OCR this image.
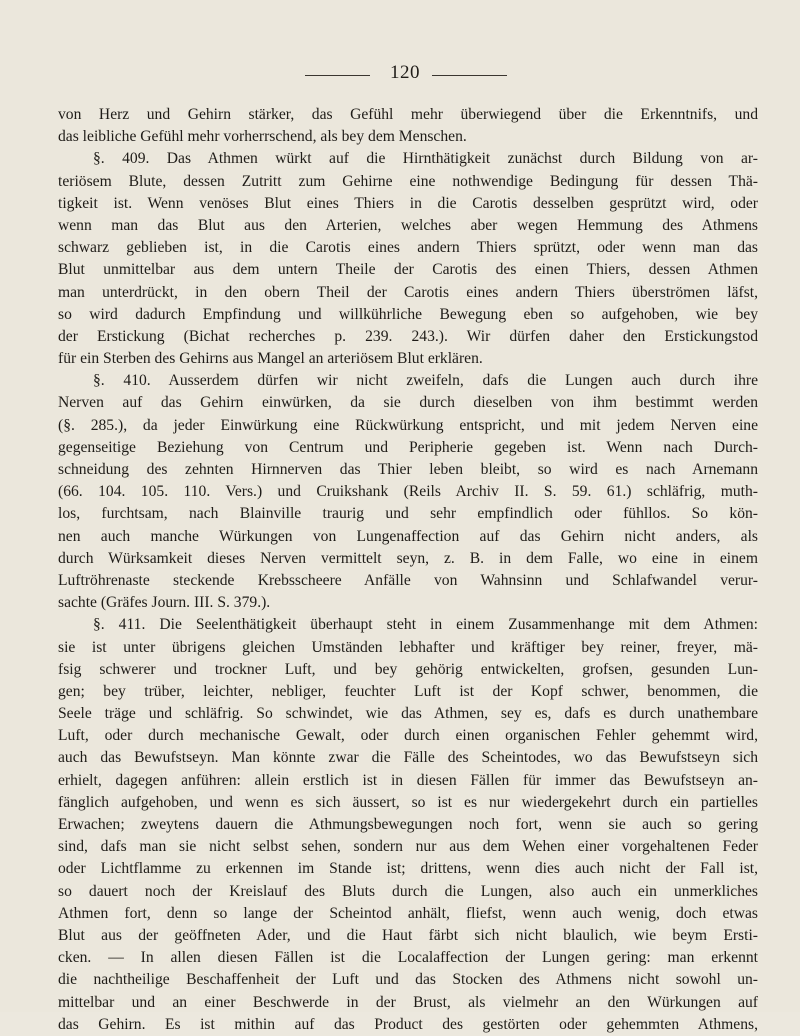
120
von Herz und Gehirn stärker, das Gefühl mehr überwiegend über die Erkenntnifs, und
das leibliche Gefühl mehr vorherrschend, als bey dem Menschen.
§. 409. Das Athmen würkt auf die Hirnthätigkeit zunächst durch Bildung von ar-
teriösem Blute, dessen Zutritt zum Gehirne eine nothwendige Bedingung für dessen Thä-
tigkeit ist. Wenn venöses Blut eines Thiers in die Carotis desselben gesprützt wird, oder
wenn man das Blut aus den Arterien, welches aber wegen Hemmung des Athmens
schwarz geblieben ist, in die Carotis eines andern Thiers sprützt, oder wenn man das
Blut unmittelbar aus dem untern Theile der Carotis des einen Thiers, dessen Athmen
man unterdrückt, in den obern Theil der Carotis eines andern Thiers überströmen läfst,
so wird dadurch Empfindung und willkührliche Bewegung eben so aufgehoben, wie bey
der Erstickung (Bichat recherches p. 239. 243.). Wir dürfen daher den Erstickungstod
für ein Sterben des Gehirns aus Mangel an arteriösem Blut erklären.
§. 410. Ausserdem dürfen wir nicht zweifeln, dafs die Lungen auch durch ihre
Nerven auf das Gehirn einwürken, da sie durch dieselben von ihm bestimmt werden
(§. 285.), da jeder Einwürkung eine Rückwürkung entspricht, und mit jedem Nerven eine
gegenseitige Beziehung von Centrum und Peripherie gegeben ist. Wenn nach Durch-
schneidung des zehnten Hirnnerven das Thier leben bleibt, so wird es nach Arnemann
(66. 104. 105. 110. Vers.) und Cruikshank (Reils Archiv II. S. 59. 61.) schläfrig, muth-
los, furchtsam, nach Blainville traurig und sehr empfindlich oder fühllos. So kön-
nen auch manche Würkungen von Lungenaffection auf das Gehirn nicht anders, als
durch Würksamkeit dieses Nerven vermittelt seyn, z. B. in dem Falle, wo eine in einem
Luftröhrenaste steckende Krebsscheere Anfälle von Wahnsinn und Schlafwandel verur-
sachte (Gräfes Journ. III. S. 379.).
§. 411. Die Seelenthätigkeit überhaupt steht in einem Zusammenhange mit dem Athmen:
sie ist unter übrigens gleichen Umständen lebhafter und kräftiger bey reiner, freyer, mä-
fsig schwerer und trockner Luft, und bey gehörig entwickelten, grofsen, gesunden Lun-
gen; bey trüber, leichter, nebliger, feuchter Luft ist der Kopf schwer, benommen, die
Seele träge und schläfrig. So schwindet, wie das Athmen, sey es, dafs es durch unathembare
Luft, oder durch mechanische Gewalt, oder durch einen organischen Fehler gehemmt wird,
auch das Bewufstseyn. Man könnte zwar die Fälle des Scheintodes, wo das Bewufstseyn sich
erhielt, dagegen anführen: allein erstlich ist in diesen Fällen für immer das Bewufstseyn an-
fänglich aufgehoben, und wenn es sich äussert, so ist es nur wiedergekehrt durch ein partielles
Erwachen; zweytens dauern die Athmungsbewegungen noch fort, wenn sie auch so gering
sind, dafs man sie nicht selbst sehen, sondern nur aus dem Wehen einer vorgehaltenen Feder
oder Lichtflamme zu erkennen im Stande ist; drittens, wenn dies auch nicht der Fall ist,
so dauert noch der Kreislauf des Bluts durch die Lungen, also auch ein unmerkliches
Athmen fort, denn so lange der Scheintod anhält, fliefst, wenn auch wenig, doch etwas
Blut aus der geöffneten Ader, und die Haut färbt sich nicht blaulich, wie beym Ersti-
cken. — In allen diesen Fällen ist die Localaffection der Lungen gering: man erkennt
die nachtheilige Beschaffenheit der Luft und das Stocken des Athmens nicht sowohl un-
mittelbar und an einer Beschwerde in der Brust, als vielmehr an den Würkungen auf
das Gehirn. Es ist mithin auf das Product des gestörten oder gehemmten Athmens,
